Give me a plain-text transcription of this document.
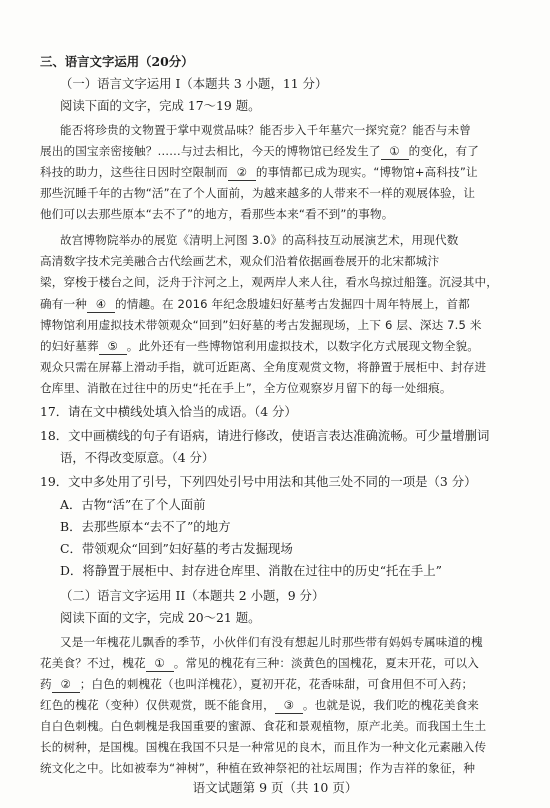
三、语言文字运用（20分）
（一）语言文字运用 I（本题共 3 小题，11 分）
阅读下面的文字，完成 17～19 题。
能否将珍贵的文物置于掌中观赏品味？能否步入千年墓穴一探究竟？能否与未曾
展出的国宝亲密接触？……与过去相比，今天的博物馆已经发生了 ① 的变化，有了
科技的助力，这些往日因时空限制而 ② 的事情都已成为现实。“博物馆+高科技”让
那些沉睡千年的古物“活”在了个人面前，为越来越多的人带来不一样的观展体验，让
他们可以去那些原本“去不了”的地方，看那些本来“看不到”的事物。
故宫博物院举办的展览《清明上河图 3.0》的高科技互动展演艺术，用现代数
高清数字技术完美融合古代绘画艺术，观众们沿着依据画卷展开的北宋都城汴
梁，穿梭于楼台之间，泛舟于汴河之上，观两岸人来人往，看水鸟掠过船篷。沉浸其中，
确有一种 ④ 的情趣。在 2016 年纪念殷墟妇好墓考古发掘四十周年特展上，首都
博物馆利用虚拟技术带领观众“回到”妇好墓的考古发掘现场，上下 6 层、深达 7.5 米
的妇好墓葬 ⑤ 。此外还有一些博物馆利用虚拟技术，以数字化方式展现文物全貌。
观众只需在屏幕上滑动手指，就可近距离、全角度观赏文物，将静置于展柜中、封存进
仓库里、消散在过往中的历史“托在手上”，全方位观察岁月留下的每一处细痕。
17．请在文中横线处填入恰当的成语。（4 分）
18．文中画横线的句子有语病，请进行修改，使语言表达准确流畅。可少量增删词
语，不得改变原意。（4 分）
19．文中多处用了引号，下列四处引号中用法和其他三处不同的一项是（3 分）
A．古物“活”在了个人面前
B．去那些原本“去不了”的地方
C．带领观众“回到”妇好墓的考古发掘现场
D．将静置于展柜中、封存进仓库里、消散在过往中的历史“托在手上”
（二）语言文字运用 II（本题共 2 小题，9 分）
阅读下面的文字，完成 20～21 题。
又是一年槐花儿飘香的季节，小伙伴们有没有想起儿时那些带有妈妈专属味道的槐
花美食？不过，槐花 ① 。常见的槐花有三种：淡黄色的国槐花，夏末开花，可以入
药 ② ；白色的刺槐花（也叫洋槐花），夏初开花，花香味甜，可食用但不可入药；
红色的槐花（变种）仅供观赏，既不能食用， ③ 。也就是说，我们吃的槐花美食来
自白色刺槐。白色刺槐是我国重要的蜜源、食花和景观植物，原产北美。而我国土生土
长的树种，是国槐。国槐在我国不只是一种常见的良木，而且作为一种文化元素融入传
统文化之中。比如被奉为“神树”，种植在致神祭祀的社坛周围；作为吉祥的象征，种
语文试题第 9 页（共 10 页）
